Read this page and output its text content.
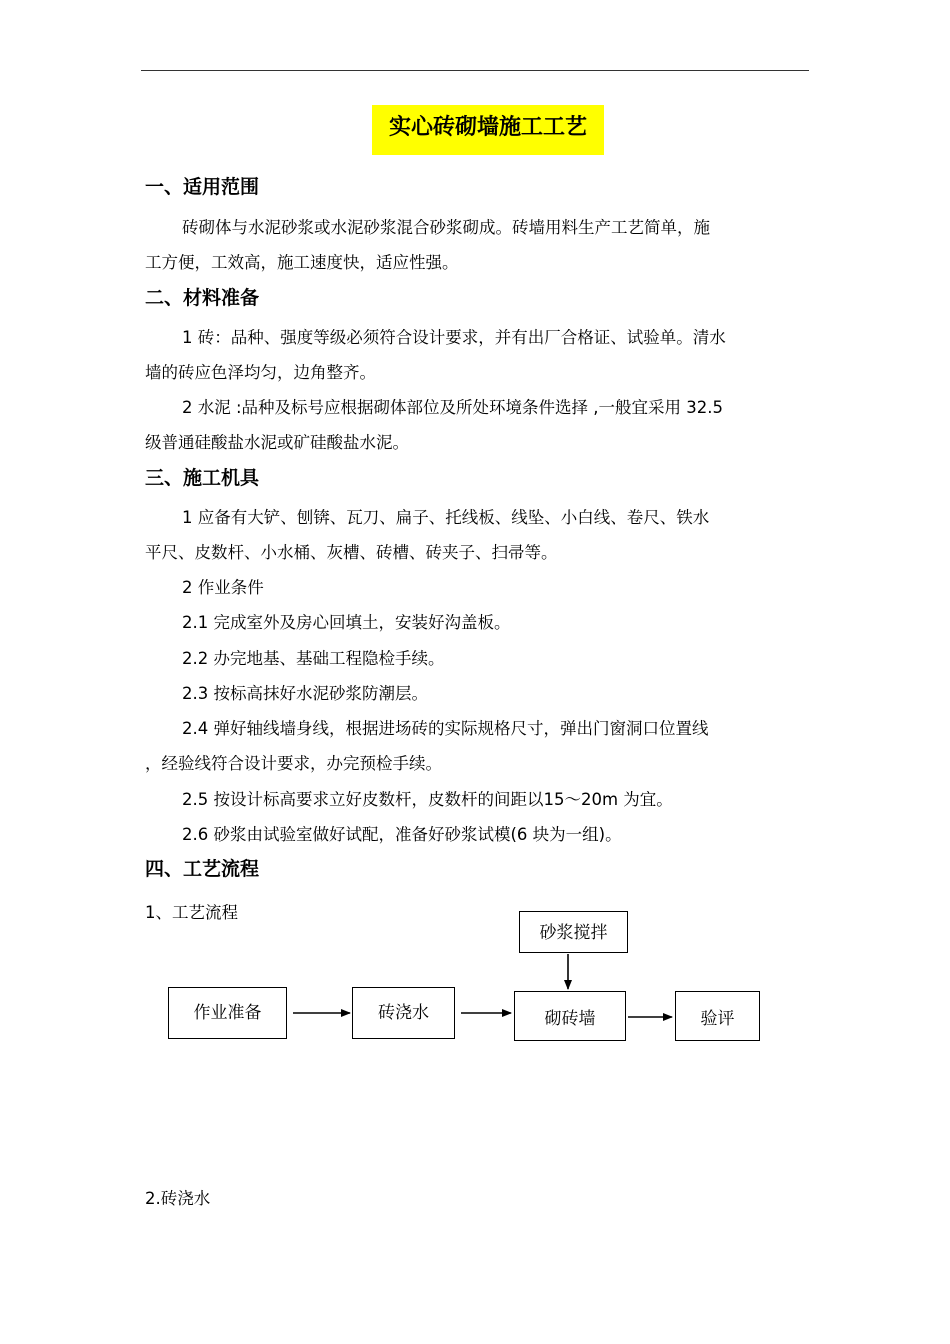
实心砖砌墙施工工艺
一、适用范围
砖砌体与水泥砂浆或水泥砂浆混合砂浆砌成。砖墙用料生产工艺简单，施
工方便，工效高，施工速度快，适应性强。
二、材料准备
1 砖：品种、强度等级必须符合设计要求，并有出厂合格证、试验单。清水
墙的砖应色泽均匀，边角整齐。
2 水泥 :品种及标号应根据砌体部位及所处环境条件选择 ,一般宜采用 32.5
级普通硅酸盐水泥或矿硅酸盐水泥。
三、施工机具
1 应备有大铲、刨锛、瓦刀、扁子、托线板、线坠、小白线、卷尺、铁水
平尺、皮数杆、小水桶、灰槽、砖槽、砖夹子、扫帚等。
2 作业条件
2.1 完成室外及房心回填土，安装好沟盖板。
2.2 办完地基、基础工程隐检手续。
2.3 按标高抹好水泥砂浆防潮层。
2.4 弹好轴线墙身线，根据进场砖的实际规格尺寸，弹出门窗洞口位置线
，经验线符合设计要求，办完预检手续。
2.5 按设计标高要求立好皮数杆，皮数杆的间距以15～20m 为宜。
2.6 砂浆由试验室做好试配，准备好砂浆试模(6 块为一组)。
四、工艺流程
1、工艺流程
作业准备	砖浇水	砌砖墙	验评
砂浆搅拌
2.砖浇水
